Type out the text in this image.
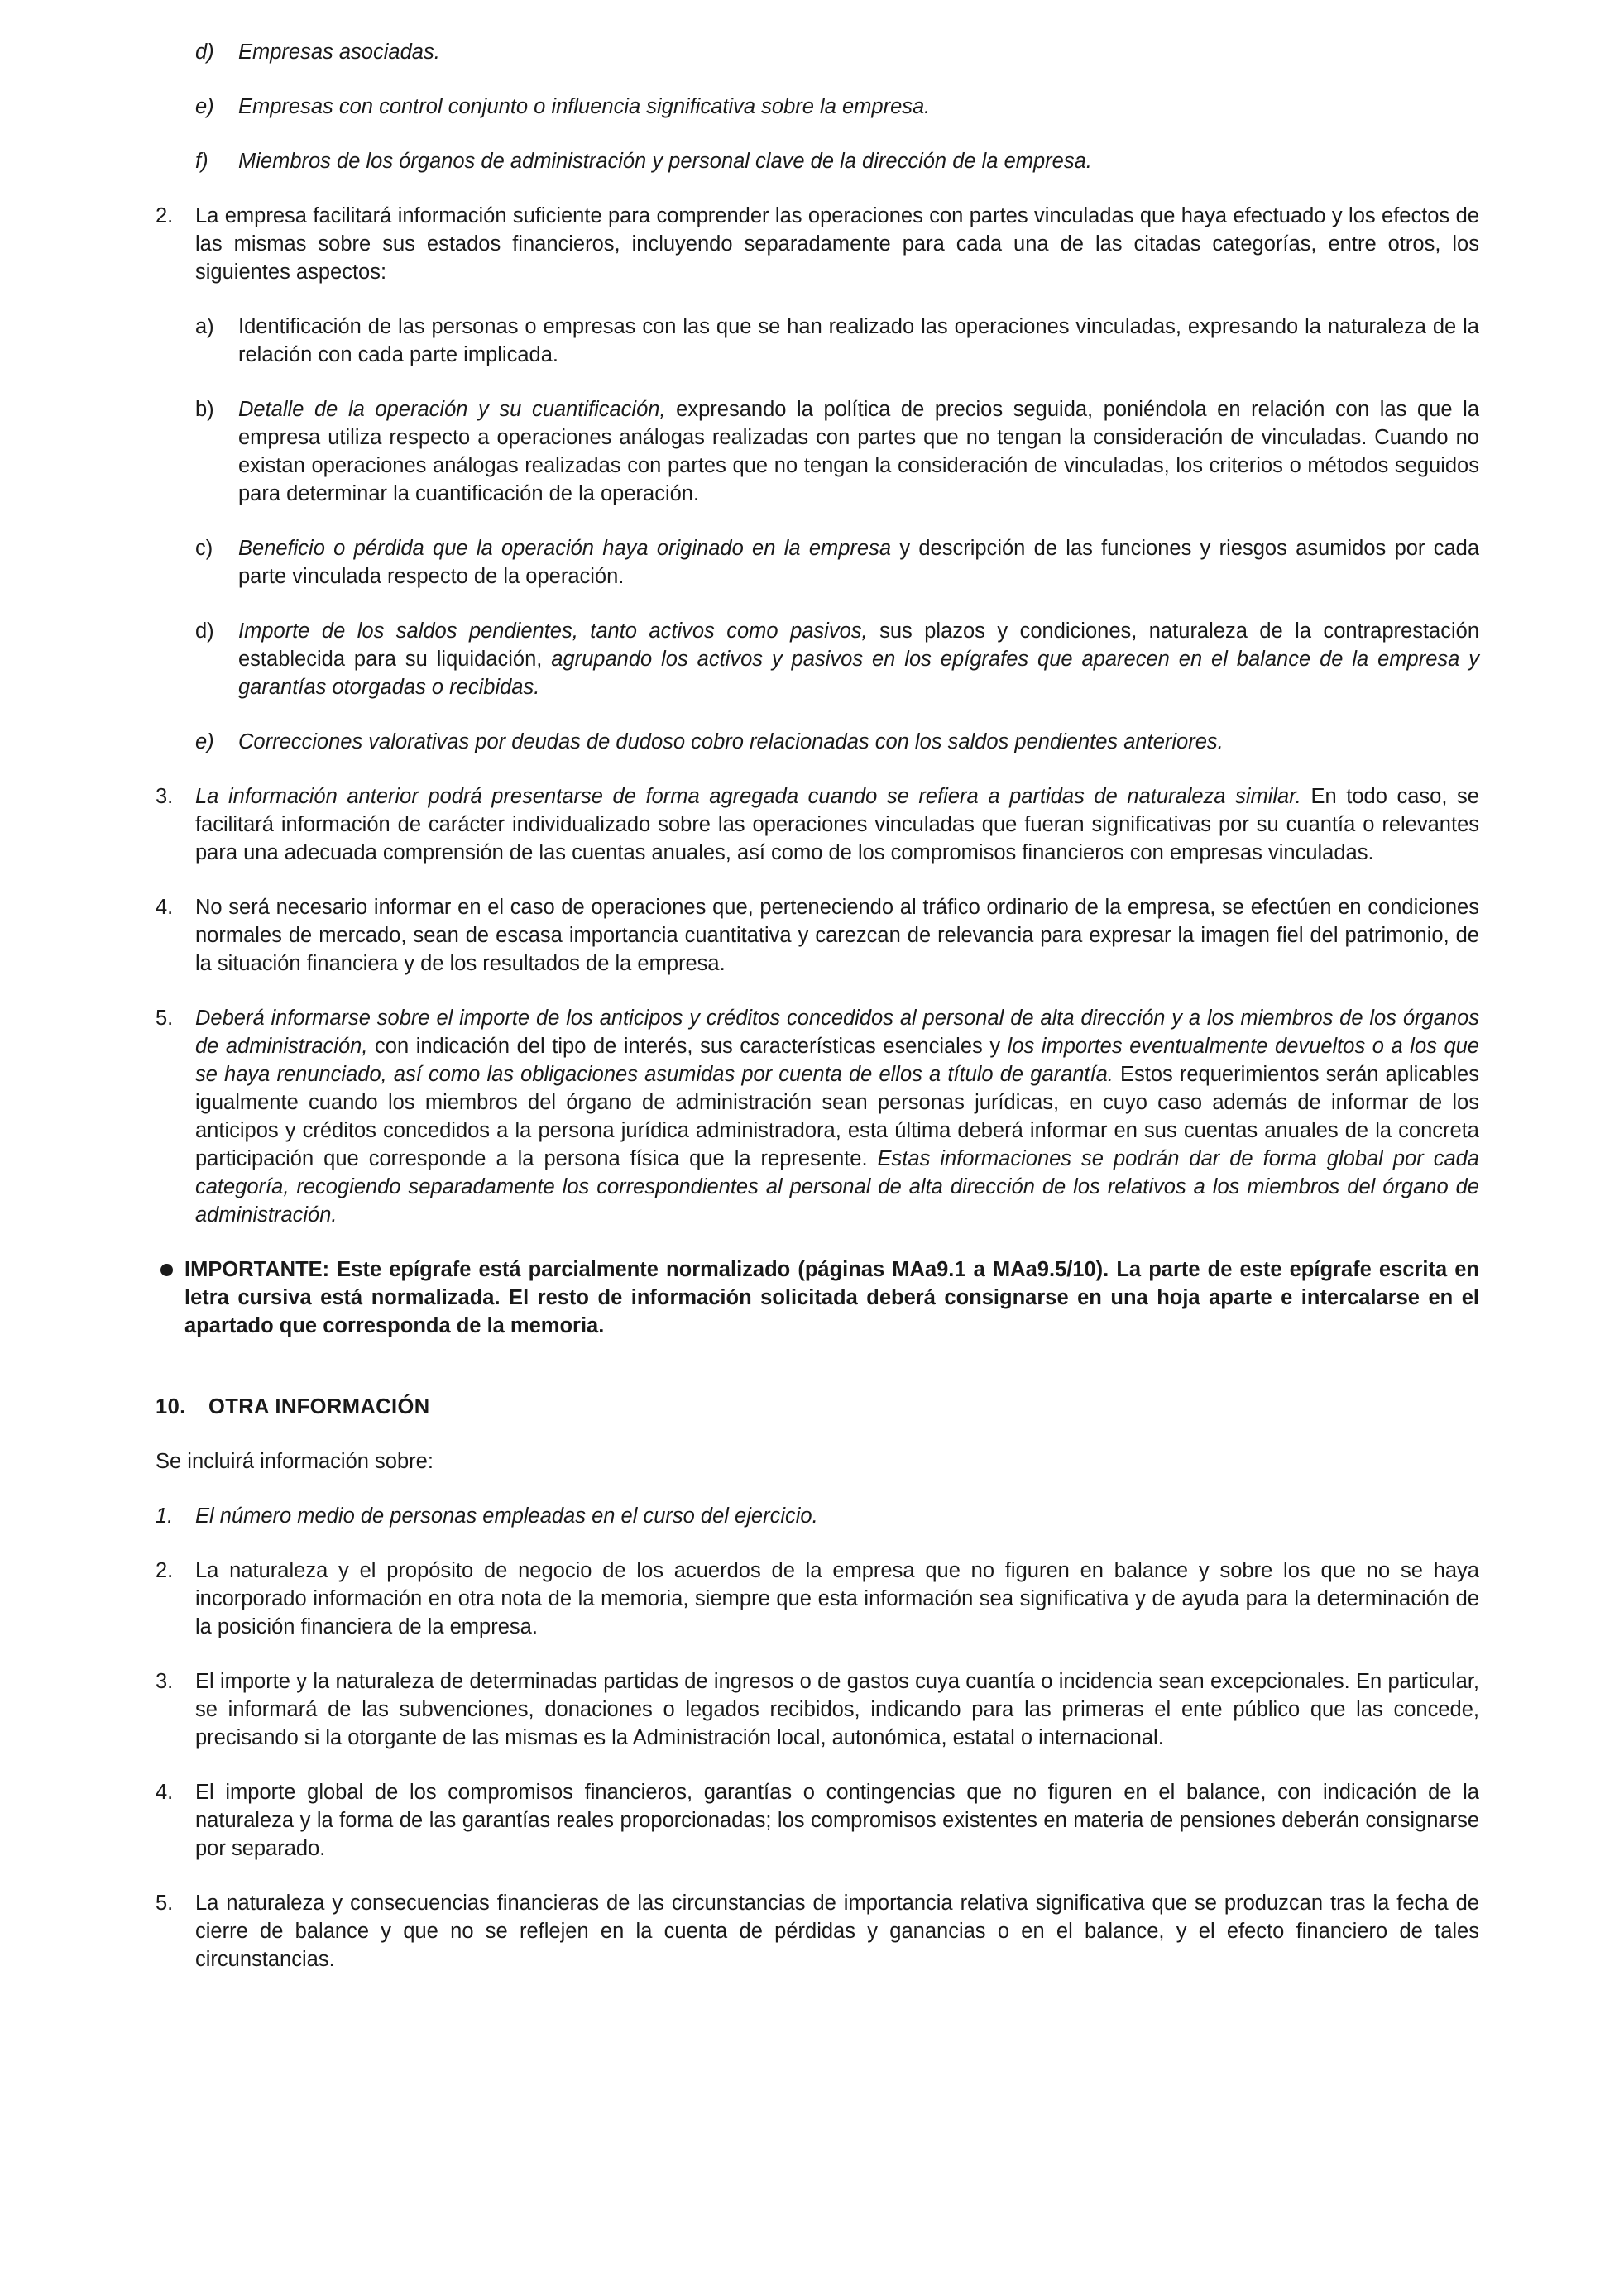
d)	Empresas asociadas.
e)	Empresas con control conjunto o influencia significativa sobre la empresa.
f)	Miembros de los órganos de administración y personal clave de la dirección de la empresa.
2.	La empresa facilitará información suficiente para comprender las operaciones con partes vinculadas que haya efectuado y los efectos de las mismas sobre sus estados financieros, incluyendo separadamente para cada una de las citadas categorías, entre otros, los siguientes aspectos:
a)	Identificación de las personas o empresas con las que se han realizado las operaciones vinculadas, expresando la naturaleza de la relación con cada parte implicada.
b)	Detalle de la operación y su cuantificación, expresando la política de precios seguida, poniéndola en relación con las que la empresa utiliza respecto a operaciones análogas realizadas con partes que no tengan la consideración de vinculadas. Cuando no existan operaciones análogas realizadas con partes que no tengan la consideración de vinculadas, los criterios o métodos seguidos para determinar la cuantificación de la operación.
c)	Beneficio o pérdida que la operación haya originado en la empresa y descripción de las funciones y riesgos asumidos por cada parte vinculada respecto de la operación.
d)	Importe de los saldos pendientes, tanto activos como pasivos, sus plazos y condiciones, naturaleza de la contraprestación establecida para su liquidación, agrupando los activos y pasivos en los epígrafes que aparecen en el balance de la empresa y garantías otorgadas o recibidas.
e)	Correcciones valorativas por deudas de dudoso cobro relacionadas con los saldos pendientes anteriores.
3.	La información anterior podrá presentarse de forma agregada cuando se refiera a partidas de naturaleza similar. En todo caso, se facilitará información de carácter individualizado sobre las operaciones vinculadas que fueran significativas por su cuantía o relevantes para una adecuada comprensión de las cuentas anuales, así como de los compromisos financieros con empresas vinculadas.
4.	No será necesario informar en el caso de operaciones que, perteneciendo al tráfico ordinario de la empresa, se efectúen en condiciones normales de mercado, sean de escasa importancia cuantitativa y carezcan de relevancia para expresar la imagen fiel del patrimonio, de la situación financiera y de los resultados de la empresa.
5.	Deberá informarse sobre el importe de los anticipos y créditos concedidos al personal de alta dirección y a los miembros de los órganos de administración, con indicación del tipo de interés, sus características esenciales y los importes eventualmente devueltos o a los que se haya renunciado, así como las obligaciones asumidas por cuenta de ellos a título de garantía. Estos requerimientos serán aplicables igualmente cuando los miembros del órgano de administración sean personas jurídicas, en cuyo caso además de informar de los anticipos y créditos concedidos a la persona jurídica administradora, esta última deberá informar en sus cuentas anuales de la concreta participación que corresponde a la persona física que la represente. Estas informaciones se podrán dar de forma global por cada categoría, recogiendo separadamente los correspondientes al personal de alta dirección de los relativos a los miembros del órgano de administración.
IMPORTANTE: Este epígrafe está parcialmente normalizado (páginas MAa9.1 a MAa9.5/10). La parte de este epígrafe escrita en letra cursiva está normalizada. El resto de información solicitada deberá consignarse en una hoja aparte e intercalarse en el apartado que corresponda de la memoria.
10. OTRA INFORMACIÓN
Se incluirá información sobre:
1.	El número medio de personas empleadas en el curso del ejercicio.
2.	La naturaleza y el propósito de negocio de los acuerdos de la empresa que no figuren en balance y sobre los que no se haya incorporado información en otra nota de la memoria, siempre que esta información sea significativa y de ayuda para la determinación de la posición financiera de la empresa.
3.	El importe y la naturaleza de determinadas partidas de ingresos o de gastos cuya cuantía o incidencia sean excepcionales. En particular, se informará de las subvenciones, donaciones o legados recibidos, indicando para las primeras el ente público que las concede, precisando si la otorgante de las mismas es la Administración local, autonómica, estatal o internacional.
4.	El importe global de los compromisos financieros, garantías o contingencias que no figuren en el balance, con indicación de la naturaleza y la forma de las garantías reales proporcionadas; los compromisos existentes en materia de pensiones deberán consignarse por separado.
5.	La naturaleza y consecuencias financieras de las circunstancias de importancia relativa significativa que se produzcan tras la fecha de cierre de balance y que no se reflejen en la cuenta de pérdidas y ganancias o en el balance, y el efecto financiero de tales circunstancias.
